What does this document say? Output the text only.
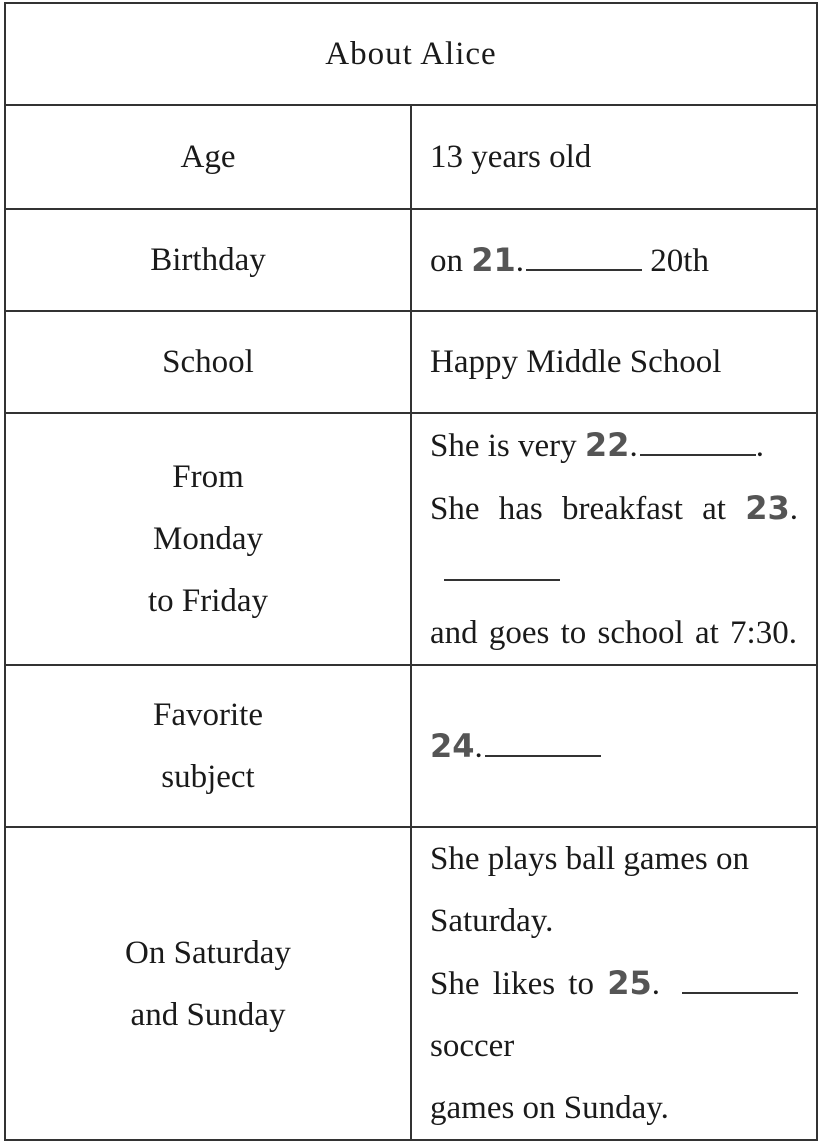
About Alice	
Age	13 years old
Birthday	on 21. 20th
School	Happy Middle School

From
Monday
to Friday	She is very 22. .
She has breakfast at 23.
and goes to school at 7:30.

Favorite
subject	24.

On Saturday
and Sunday	She plays ball games on Saturday.
She likes to 25. soccer
games on Sunday.
